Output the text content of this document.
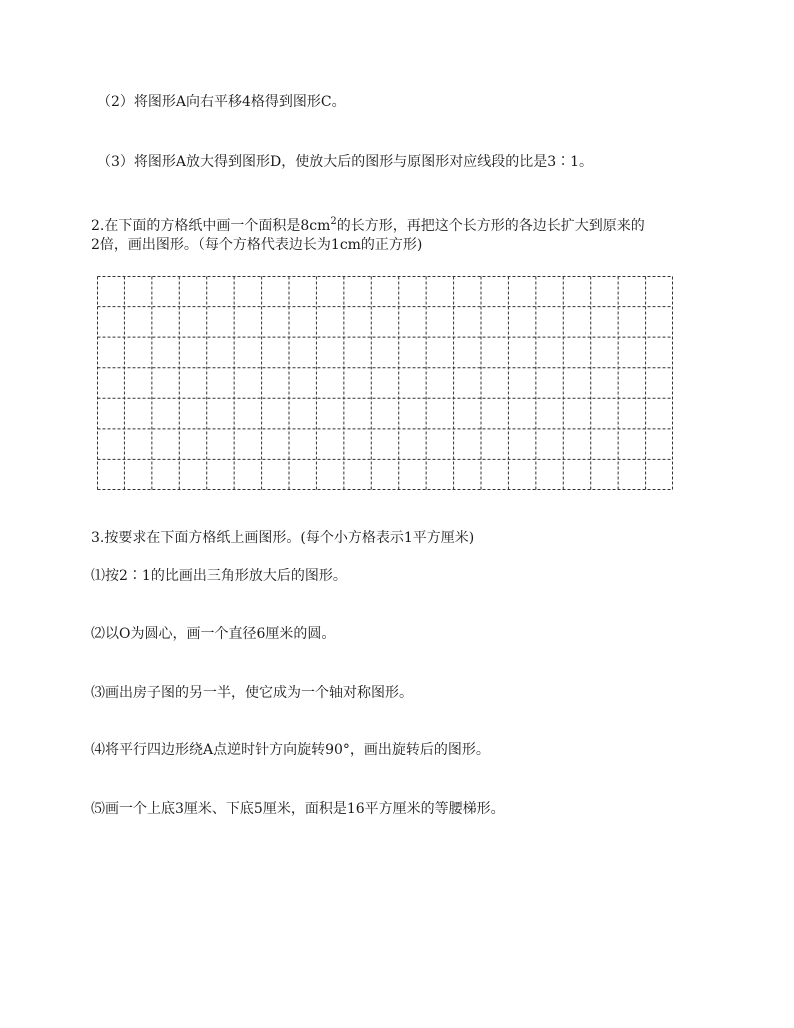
（2）将图形A向右平移4格得到图形C。
（3）将图形A放大得到图形D，使放大后的图形与原图形对应线段的比是3∶1。
2.在下面的方格纸中画一个面积是$8cm^2$的长方形，再把这个长方形的各边长扩大到原来的
2倍，画出图形。（每个方格代表边长为1cm的正方形)
3.按要求在下面方格纸上画图形。(每个小方格表示1平方厘米)
⑴按2∶1的比画出三角形放大后的图形。
⑵以O为圆心，画一个直径6厘米的圆。
⑶画出房子图的另一半，使它成为一个轴对称图形。
⑷将平行四边形绕A点逆时针方向旋转90°，画出旋转后的图形。
⑸画一个上底3厘米、下底5厘米，面积是16平方厘米的等腰梯形。
